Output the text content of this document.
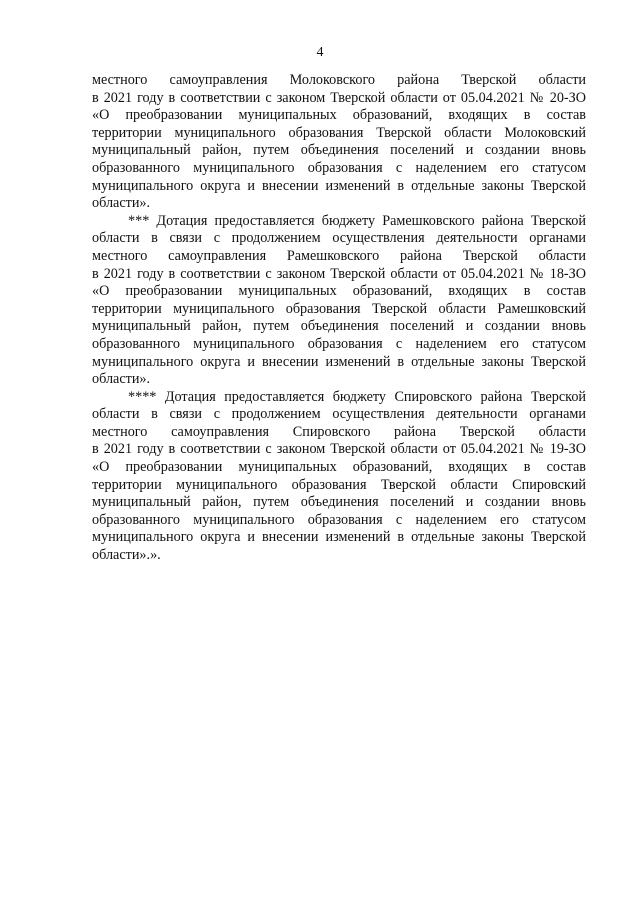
4
местного самоуправления Молоковского района Тверской области
в 2021 году в соответствии с законом Тверской области от 05.04.2021 № 20-ЗО
«О преобразовании муниципальных образований, входящих в состав
территории муниципального образования Тверской области Молоковский
муниципальный район, путем объединения поселений и создании вновь
образованного муниципального образования с наделением его статусом
муниципального округа и внесении изменений в отдельные законы Тверской
области».
*** Дотация предоставляется бюджету Рамешковского района Тверской
области в связи с продолжением осуществления деятельности органами
местного самоуправления Рамешковского района Тверской области
в 2021 году в соответствии с законом Тверской области от 05.04.2021 № 18-ЗО
«О преобразовании муниципальных образований, входящих в состав
территории муниципального образования Тверской области Рамешковский
муниципальный район, путем объединения поселений и создании вновь
образованного муниципального образования с наделением его статусом
муниципального округа и внесении изменений в отдельные законы Тверской
области».
**** Дотация предоставляется бюджету Спировского района Тверской
области в связи с продолжением осуществления деятельности органами
местного самоуправления Спировского района Тверской области
в 2021 году в соответствии с законом Тверской области от 05.04.2021 № 19-ЗО
«О преобразовании муниципальных образований, входящих в состав
территории муниципального образования Тверской области Спировский
муниципальный район, путем объединения поселений и создании вновь
образованного муниципального образования с наделением его статусом
муниципального округа и внесении изменений в отдельные законы Тверской
области».».
